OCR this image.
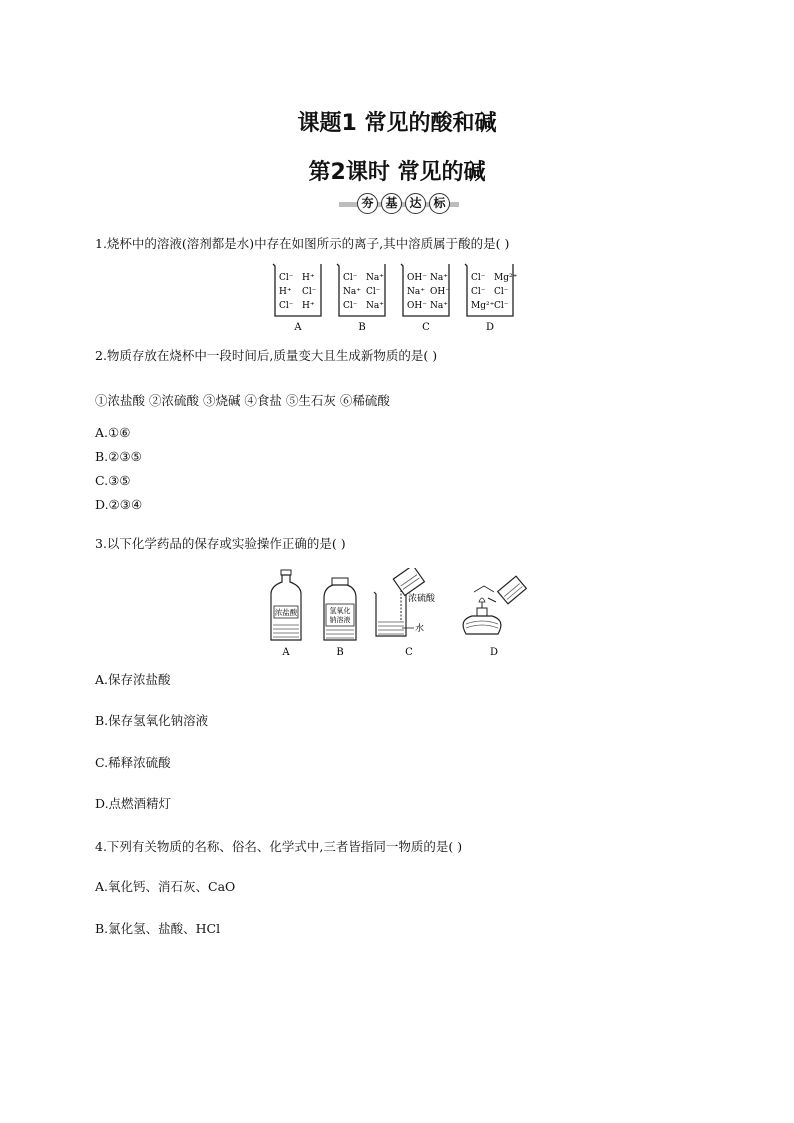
课题1 常见的酸和碱
第2课时 常见的碱
夯 基 达 标
1.烧杯中的溶液(溶剂都是水)中存在如图所示的离子,其中溶质属于酸的是( )
Cl⁻ H⁺
H⁺ Cl⁻
Cl⁻ H⁺
A
Cl⁻ Na⁺
Na⁺ Cl⁻
Cl⁻ Na⁺
B
OH⁻ Na⁺
Na⁺ OH⁻
OH⁻ Na⁺
C
Cl⁻ Mg²⁺
Cl⁻ Cl⁻
Mg²⁺ Cl⁻
D
2.物质存放在烧杯中一段时间后,质量变大且生成新物质的是( )
①浓盐酸 ②浓硫酸 ③烧碱 ④食盐 ⑤生石灰 ⑥稀硫酸
A.①⑥
B.②③⑤
C.③⑤
D.②③④
3.以下化学药品的保存或实验操作正确的是( )
浓盐酸
A
氢氧化
钠溶液
B
浓硫酸
水
C	D
A.保存浓盐酸
B.保存氢氧化钠溶液
C.稀释浓硫酸
D.点燃酒精灯
4.下列有关物质的名称、俗名、化学式中,三者皆指同一物质的是( )
A.氧化钙、消石灰、CaO
B.氯化氢、盐酸、HCl
